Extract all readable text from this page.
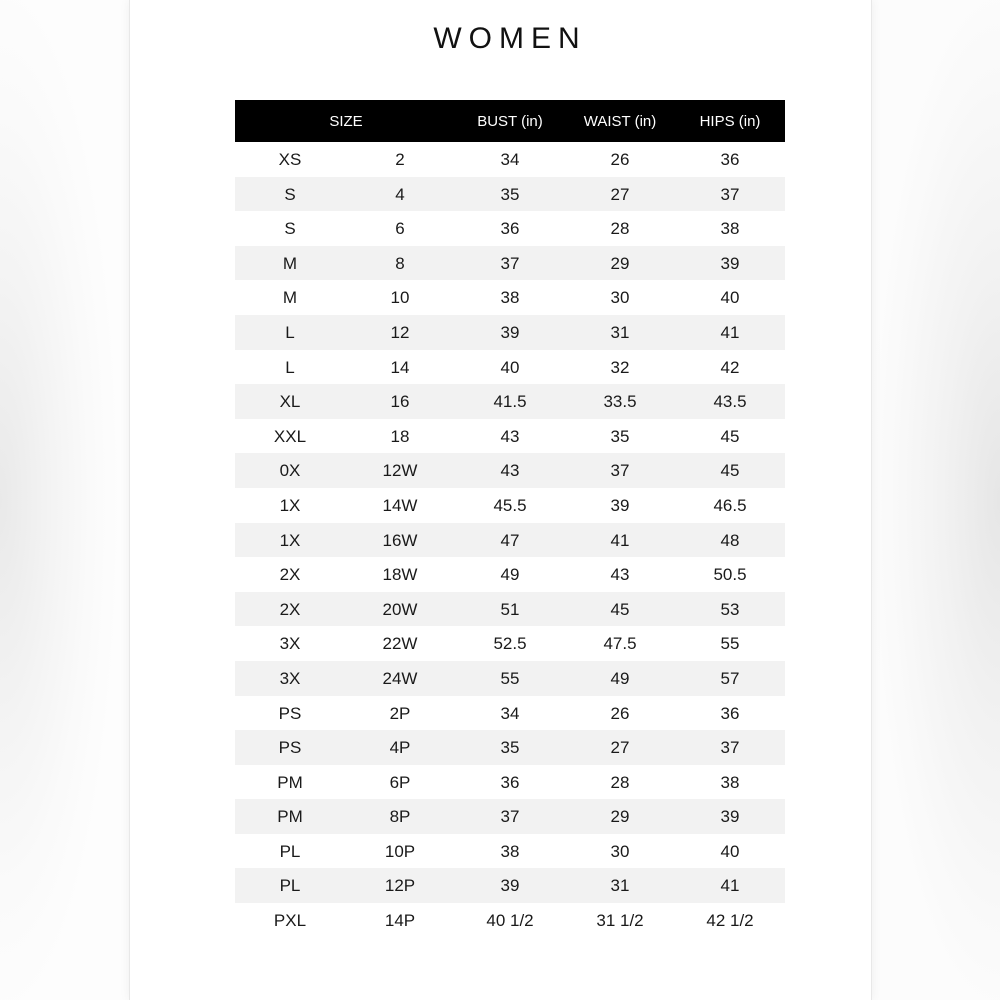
WOMEN
SIZE	BUST (in)	WAIST (in)	HIPS (in)
XS	2	34	26	36
S	4	35	27	37
S	6	36	28	38
M	8	37	29	39
M	10	38	30	40
L	12	39	31	41
L	14	40	32	42
XL	16	41.5	33.5	43.5
XXL	18	43	35	45
0X	12W	43	37	45
1X	14W	45.5	39	46.5
1X	16W	47	41	48
2X	18W	49	43	50.5
2X	20W	51	45	53
3X	22W	52.5	47.5	55
3X	24W	55	49	57
PS	2P	34	26	36
PS	4P	35	27	37
PM	6P	36	28	38
PM	8P	37	29	39
PL	10P	38	30	40
PL	12P	39	31	41
PXL	14P	40 1/2	31 1/2	42 1/2
